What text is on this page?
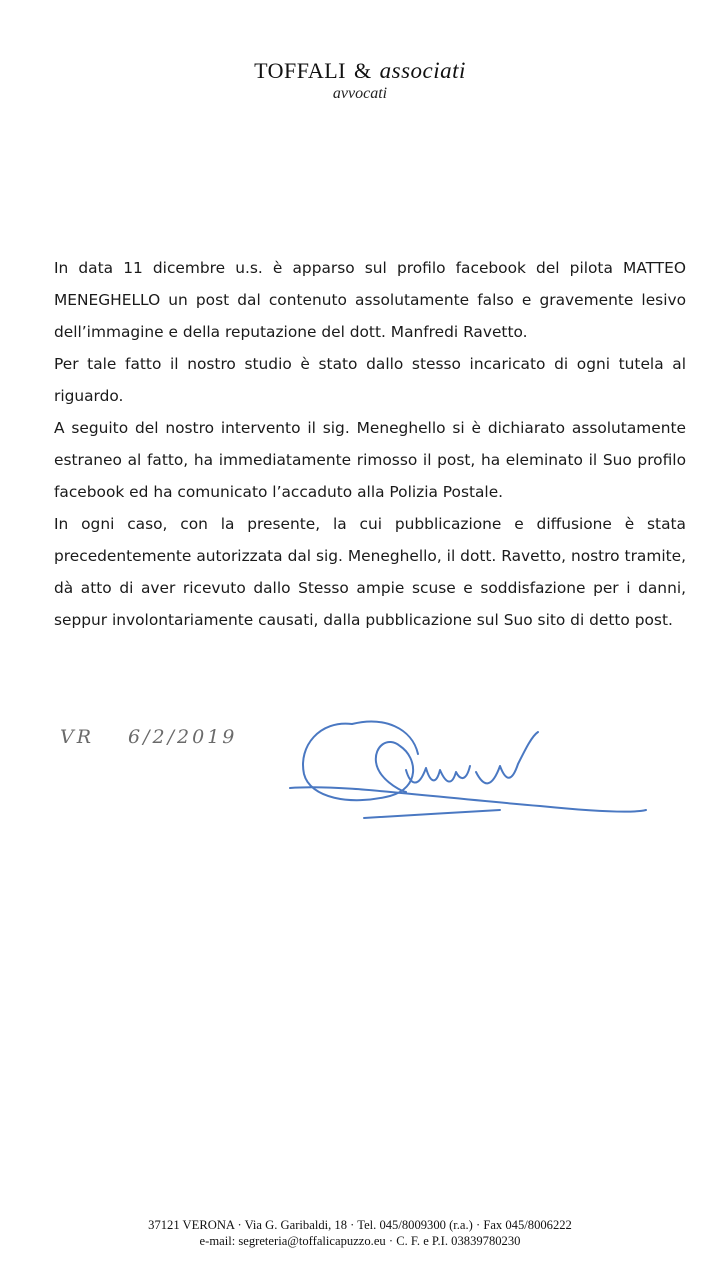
TOFFALI & associati
avvocati

In data 11 dicembre u.s. è apparso sul profilo facebook del pilota MATTEO MENEGHELLO un post dal contenuto assolutamente falso e gravemente lesivo dell’immagine e della reputazione del dott. Manfredi Ravetto.

Per tale fatto il nostro studio è stato dallo stesso incaricato di ogni tutela al riguardo.

A seguito del nostro intervento il sig. Meneghello si è dichiarato assolutamente estraneo al fatto, ha immediatamente rimosso il post, ha eleminato il Suo profilo facebook ed ha comunicato l’accaduto alla Polizia Postale.

In ogni caso, con la presente, la cui pubblicazione e diffusione è stata precedentemente autorizzata dal sig. Meneghello, il dott. Ravetto, nostro tramite, dà atto di aver ricevuto dallo Stesso ampie scuse e soddisfazione per i danni, seppur involontariamente causati, dalla pubblicazione sul Suo sito di detto post.

VR 6/2/2019
37121 VERONA · Via G. Garibaldi, 18 · Tel. 045/8009300 (r.a.) · Fax 045/8006222
e-mail: segreteria@toffalicapuzzo.eu · C. F. e P.I. 03839780230
